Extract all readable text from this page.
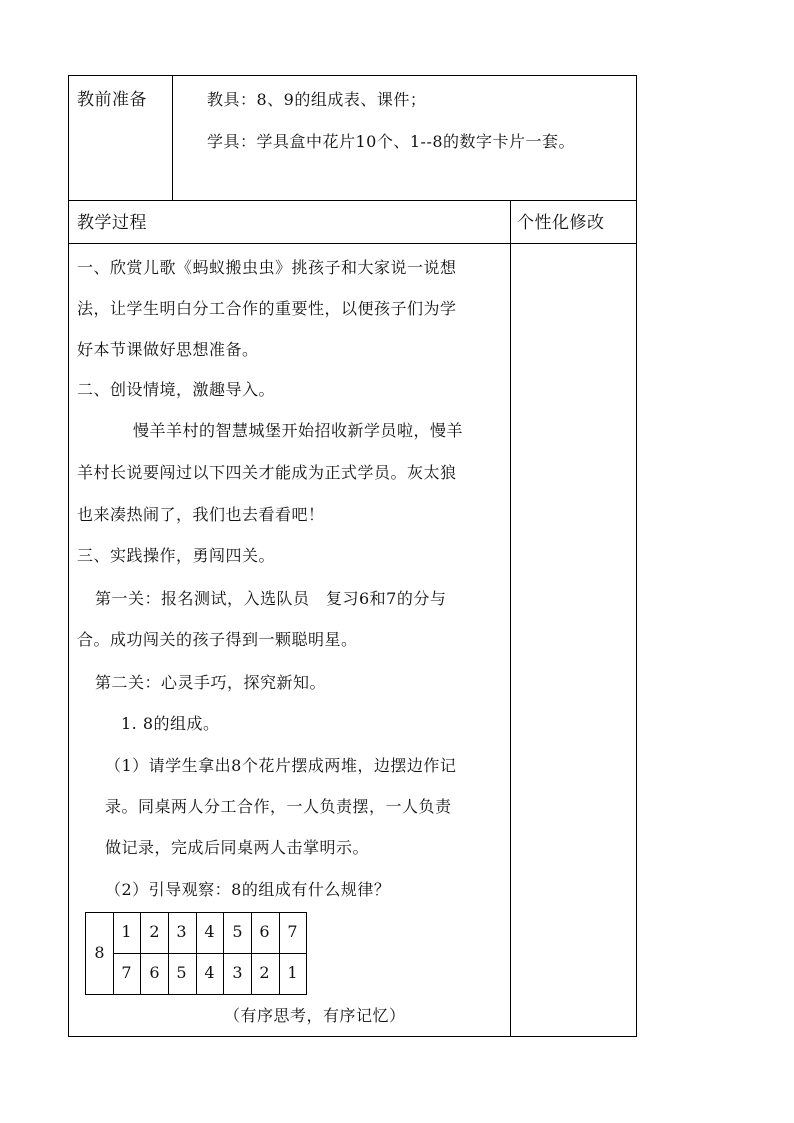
教前准备	教具：8、9的组成表、课件；
学具：学具盒中花片10个、1--8的数字卡片一套。
教学过程	个性化修改
一、欣赏儿歌《蚂蚁搬虫虫》挑孩子和大家说一说想
法，让学生明白分工合作的重要性，以便孩子们为学
好本节课做好思想准备。
二、创设情境，激趣导入。
慢羊羊村的智慧城堡开始招收新学员啦，慢羊
羊村长说要闯过以下四关才能成为正式学员。灰太狼
也来凑热闹了，我们也去看看吧！
三、实践操作，勇闯四关。
第一关：报名测试，入选队员　复习6和7的分与
合。成功闯关的孩子得到一颗聪明星。
第二关：心灵手巧，探究新知。
1. 8的组成。
（1）请学生拿出8个花片摆成两堆，边摆边作记
录。同桌两人分工合作，一人负责摆，一人负责
做记录，完成后同桌两人击掌明示。
（2）引导观察：8的组成有什么规律？
8
1	2	3	4	5	6	7
7	6	5	4	3	2	1
（有序思考，有序记忆）
